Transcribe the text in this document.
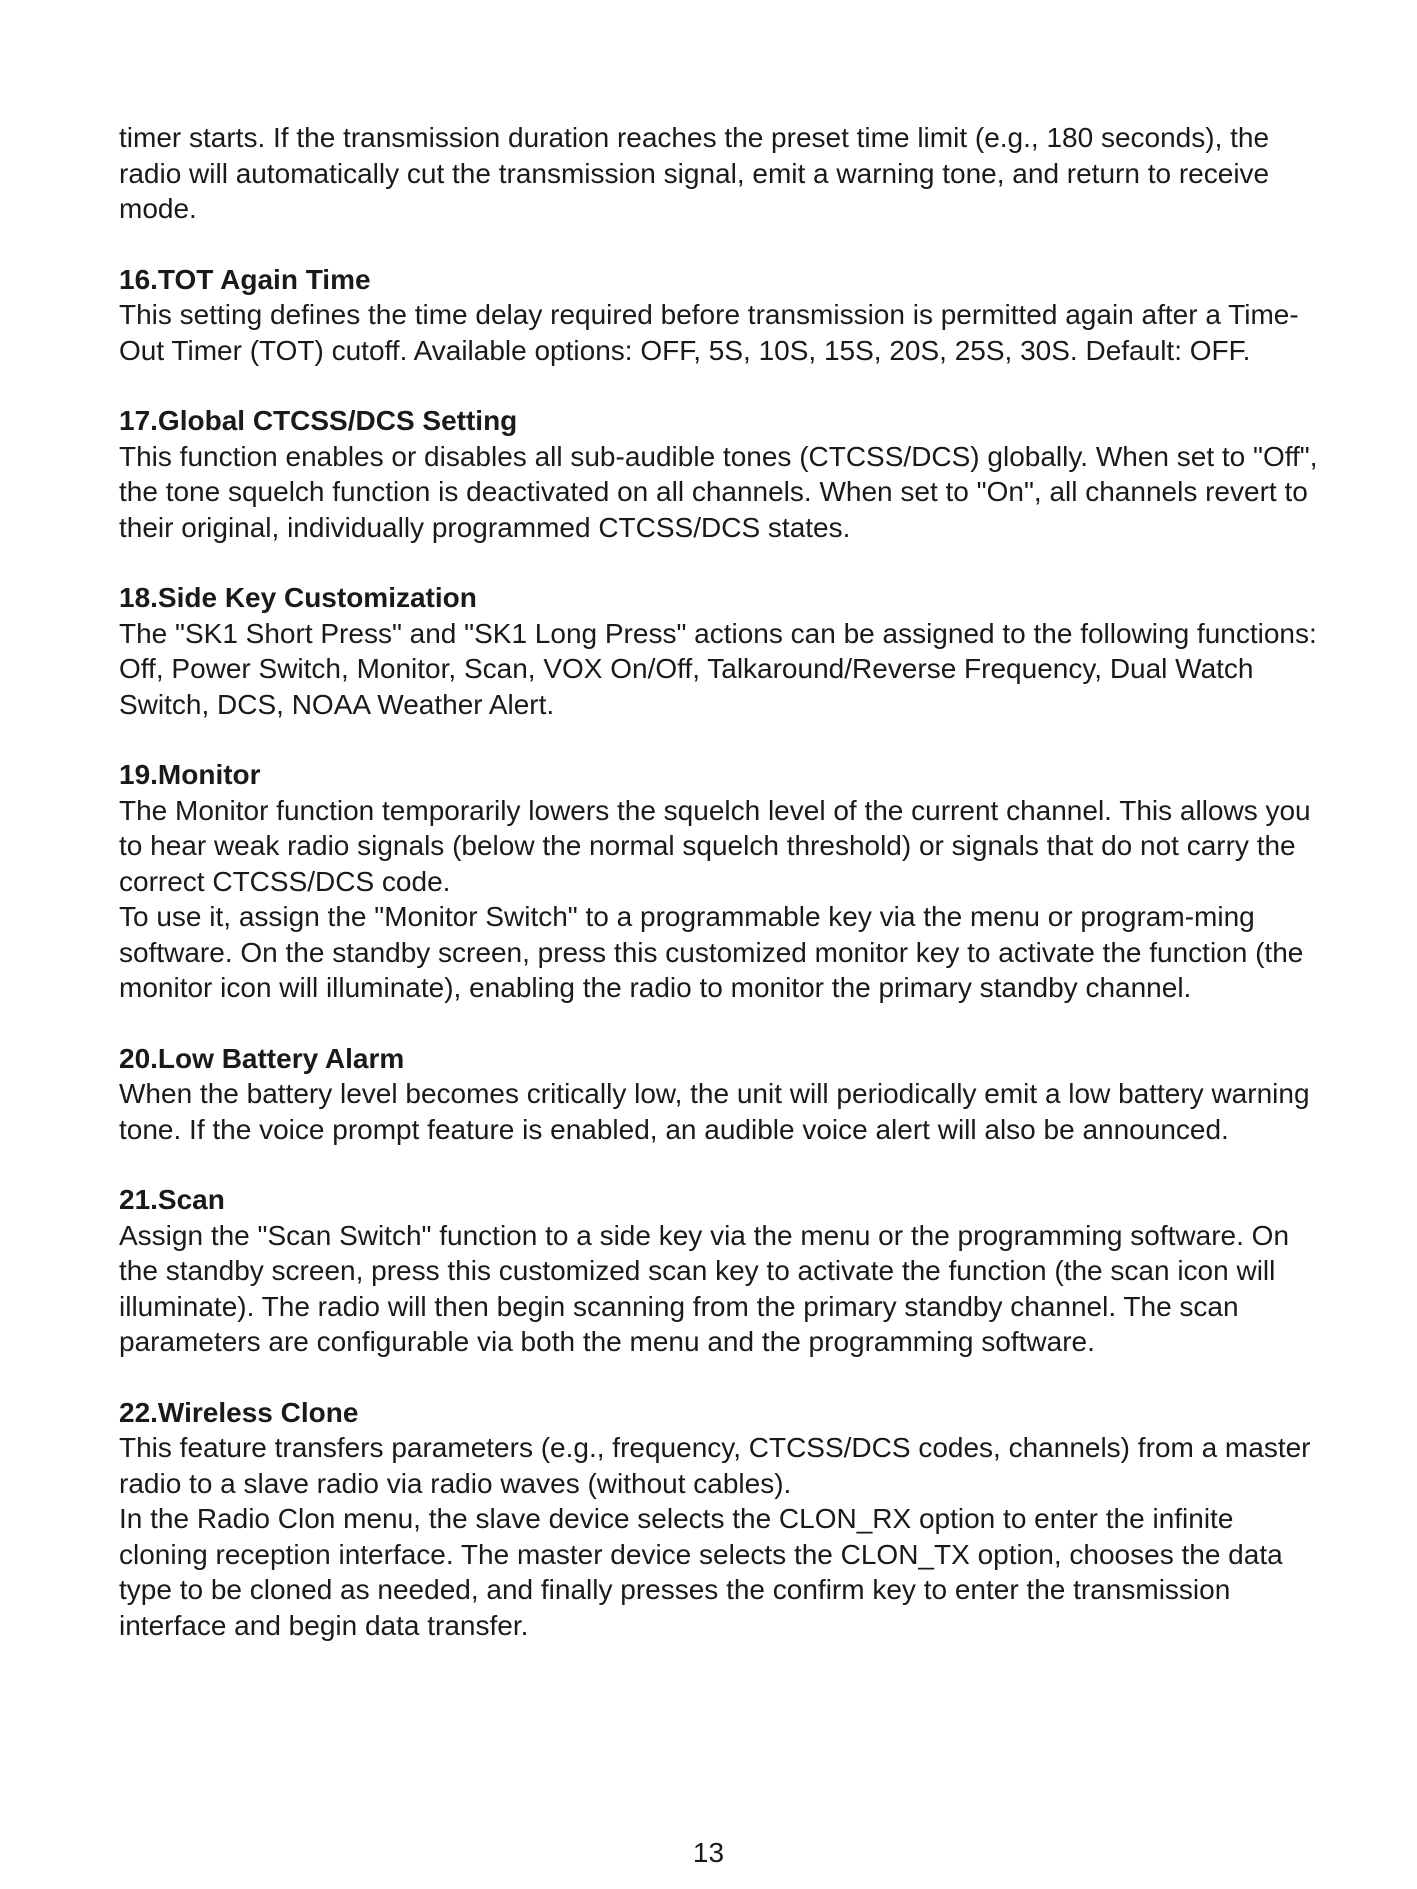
timer starts. If the transmission duration reaches the preset time limit (e.g., 180 seconds), the radio will automatically cut the transmission signal, emit a warning tone, and return to receive mode.

16.TOT Again Time

This setting defines the time delay required before transmission is permitted again after a Time-Out Timer (TOT) cutoff. Available options: OFF, 5S, 10S, 15S, 20S, 25S, 30S. Default: OFF.

17.Global CTCSS/DCS Setting

This function enables or disables all sub-audible tones (CTCSS/DCS) globally. When set to "Off", the tone squelch function is deactivated on all channels. When set to "On", all channels revert to their original, individually programmed CTCSS/DCS states.

18.Side Key Customization

The "SK1 Short Press" and "SK1 Long Press" actions can be assigned to the following functions: Off, Power Switch, Monitor, Scan, VOX On/Off, Talkaround/Reverse Frequency, Dual Watch Switch, DCS, NOAA Weather Alert.

19.Monitor

The Monitor function temporarily lowers the squelch level of the current channel. This allows you to hear weak radio signals (below the normal squelch threshold) or signals that do not carry the correct CTCSS/DCS code.

To use it, assign the "Monitor Switch" to a programmable key via the menu or program-ming software. On the standby screen, press this customized monitor key to activate the function (the monitor icon will illuminate), enabling the radio to monitor the primary standby channel.

20.Low Battery Alarm

When the battery level becomes critically low, the unit will periodically emit a low battery warning tone. If the voice prompt feature is enabled, an audible voice alert will also be announced.

21.Scan

Assign the "Scan Switch" function to a side key via the menu or the programming software. On the standby screen, press this customized scan key to activate the function (the scan icon will illuminate). The radio will then begin scanning from the primary standby channel. The scan parameters are configurable via both the menu and the programming software.

22.Wireless Clone

This feature transfers parameters (e.g., frequency, CTCSS/DCS codes, channels) from a master radio to a slave radio via radio waves (without cables).

In the Radio Clon menu, the slave device selects the CLON_RX option to enter the infinite cloning reception interface. The master device selects the CLON_TX option, chooses the data type to be cloned as needed, and finally presses the confirm key to enter the transmission interface and begin data transfer.

13
